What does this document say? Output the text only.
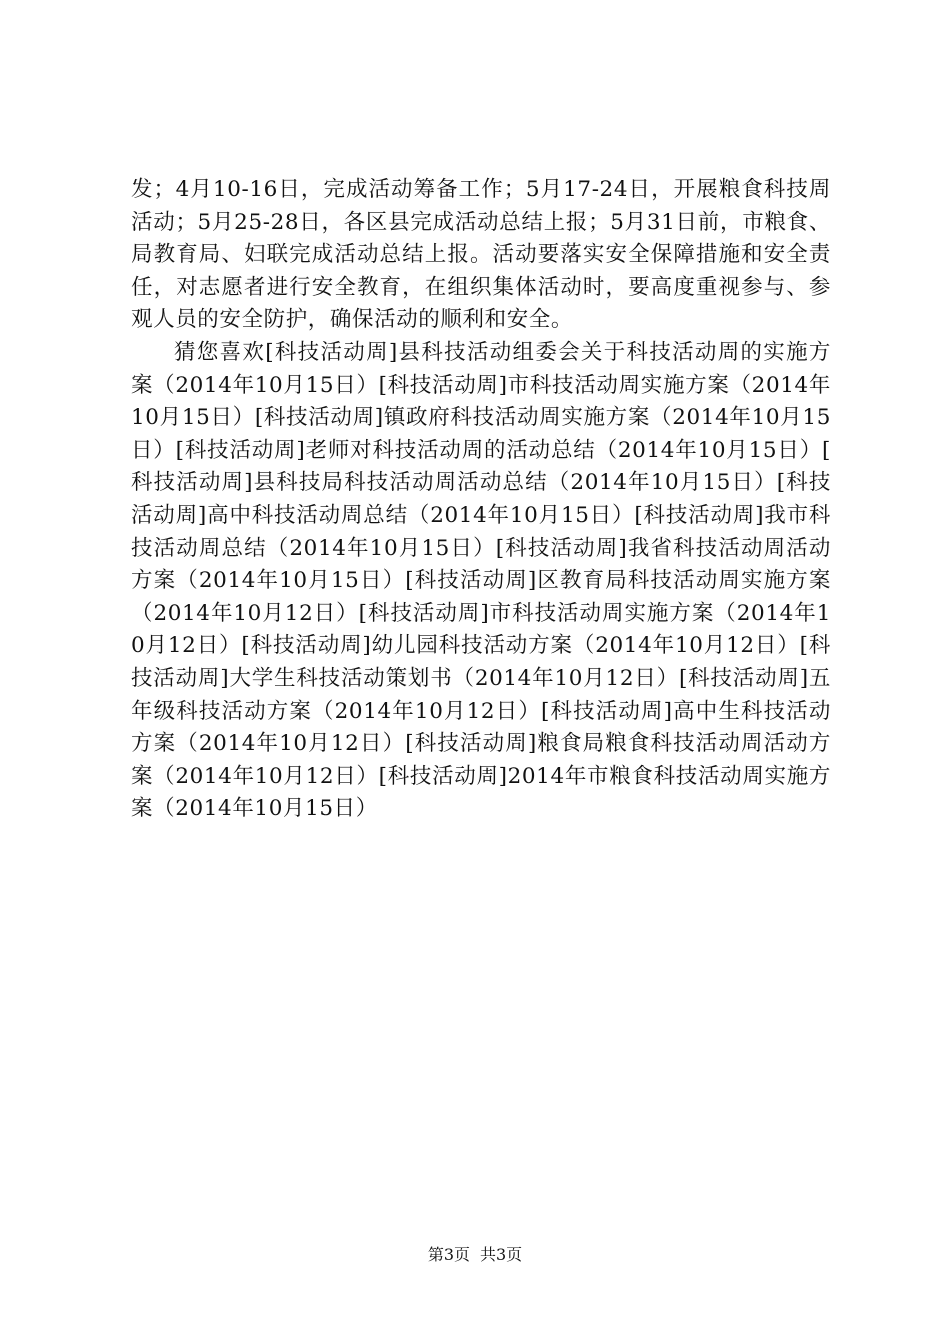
发；4月10-16日，完成活动筹备工作；5月17-24日，开展粮食科技周活动；5月25-28日，各区县完成活动总结上报；5月31日前，市粮食、局教育局、妇联完成活动总结上报。活动要落实安全保障措施和安全责任，对志愿者进行安全教育，在组织集体活动时，要高度重视参与、参观人员的安全防护，确保活动的顺利和安全。

猜您喜欢[科技活动周]县科技活动组委会关于科技活动周的实施方案（2014年10月15日）[科技活动周]市科技活动周实施方案（2014年10月15日）[科技活动周]镇政府科技活动周实施方案（2014年10月15日）[科技活动周]老师对科技活动周的活动总结（2014年10月15日）[科技活动周]县科技局科技活动周活动总结（2014年10月15日）[科技活动周]高中科技活动周总结（2014年10月15日）[科技活动周]我市科技活动周总结（2014年10月15日）[科技活动周]我省科技活动周活动方案（2014年10月15日）[科技活动周]区教育局科技活动周实施方案（2014年10月12日）[科技活动周]市科技活动周实施方案（2014年10月12日）[科技活动周]幼儿园科技活动方案（2014年10月12日）[科技活动周]大学生科技活动策划书（2014年10月12日）[科技活动周]五年级科技活动方案（2014年10月12日）[科技活动周]高中生科技活动方案（2014年10月12日）[科技活动周]粮食局粮食科技活动周活动方案（2014年10月12日）[科技活动周]2014年市粮食科技活动周实施方案（2014年10月15日）

第3页 共3页
